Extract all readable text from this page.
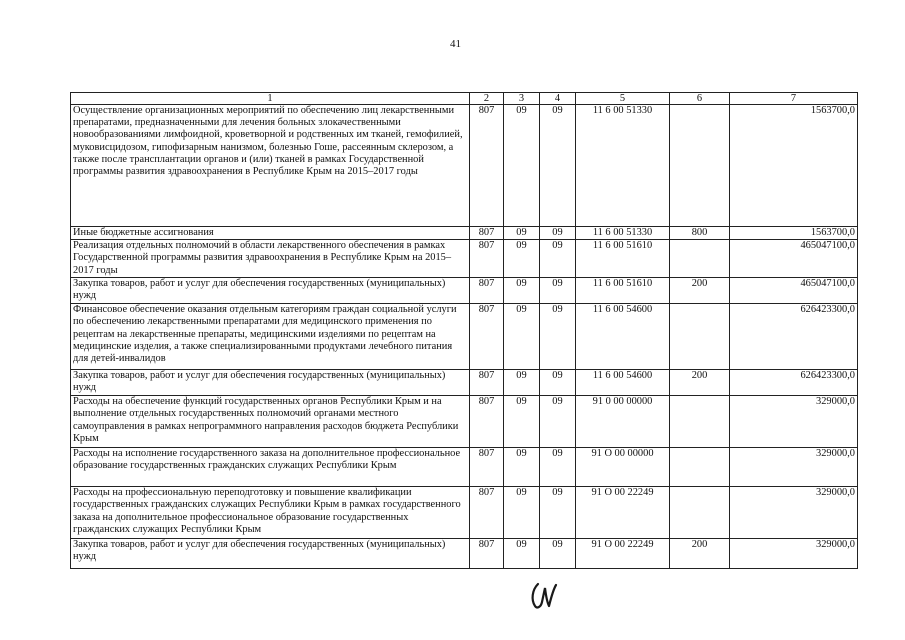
41
1	2	3	4	5	6	7
Осуществление организационных мероприятий по обеспечению лиц лекарственными препаратами, предназначенными для лечения больных злокачественными новообразованиями лимфоидной, кроветворной и родственных им тканей, гемофилией, муковисцидозом, гипофизарным нанизмом, болезнью Гоше, рассеянным склерозом, а также после трансплантации органов и (или) тканей в рамках Государственной программы развития здравоохранения в Республике Крым на 2015–2017 годы	807	09	09	11 6 00 51330		1563700,0
Иные бюджетные ассигнования	807	09	09	11 6 00 51330	800	1563700,0
Реализация отдельных полномочий в области лекарственного обеспечения в рамках Государственной программы развития здравоохранения в Республике Крым на 2015–2017 годы	807	09	09	11 6 00 51610		465047100,0
Закупка товаров, работ и услуг для обеспечения государственных (муниципальных) нужд	807	09	09	11 6 00 51610	200	465047100,0
Финансовое обеспечение оказания отдельным категориям граждан социальной услуги по обеспечению лекарственными препаратами для медицинского применения по рецептам на лекарственные препараты, медицинскими изделиями по рецептам на медицинские изделия, а также специализированными продуктами лечебного питания для детей-инвалидов	807	09	09	11 6 00 54600		626423300,0
Закупка товаров, работ и услуг для обеспечения государственных (муниципальных) нужд	807	09	09	11 6 00 54600	200	626423300,0
Расходы на обеспечение функций государственных органов Республики Крым и на выполнение отдельных государственных полномочий органами местного самоуправления в рамках непрограммного направления расходов бюджета Республики Крым	807	09	09	91 0 00 00000		329000,0
Расходы на исполнение государственного заказа на дополнительное профессиональное образование государственных гражданских служащих Республики Крым	807	09	09	91 О 00 00000		329000,0
Расходы на профессиональную переподготовку и повышение квалификации государственных гражданских служащих Республики Крым в рамках государственного заказа на дополнительное профессиональное образование государственных гражданских служащих Республики Крым	807	09	09	91 О 00 22249		329000,0
Закупка товаров, работ и услуг для обеспечения государственных (муниципальных) нужд	807	09	09	91 О 00 22249	200	329000,0
